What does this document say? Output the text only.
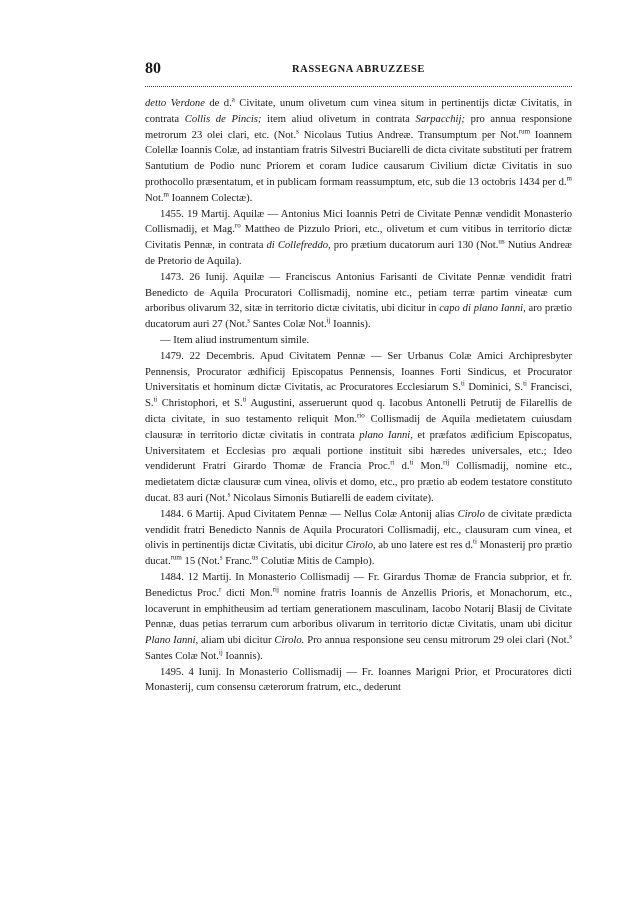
80	RASSEGNA ABRUZZESE

detto Verdone de d.$^a$ Civitate, unum olivetum cum vinea situm in pertinentijs dictæ Civitatis, in contrata Collis de Pincis; item aliud olivetum in contrata Sarpacchij; pro annua responsione metrorum 23 olei clari, etc. (Not.$^s$ Nicolaus Tutius Andreæ. Transumptum per Not.$^{rum}$ Ioannem Colellæ Ioannis Colæ, ad instantiam fratris Silvestri Buciarelli de dicta civitate substituti per fratrem Santutium de Podio nunc Priorem et coram Iudice causarum Civilium dictæ Civitatis in suo prothocollo præsentatum, et in publicam formam reassumptum, etc, sub die 13 octobris 1434 per d.$^m$ Not.$^m$ Ioannem Colectæ).

1455. 19 Martij. Aquilæ — Antonius Mici Ioannis Petri de Civitate Pennæ vendidit Monasterio Collismadij, et Mag.$^{ro}$ Mattheo de Pizzulo Priori, etc., olivetum et cum vitibus in territorio dictæ Civitatis Pennæ, in contrata di Collefreddo, pro prætium ducatorum auri 130 (Not.$^{us}$ Nutius Andreæ de Pretorio de Aquila).

1473. 26 Iunij. Aquilæ — Franciscus Antonius Farisanti de Civitate Pennæ vendidit fratri Benedicto de Aquila Procuratori Collismadij, nomine etc., petiam terræ partim vineatæ cum arboribus olivarum 32, sitæ in territorio dictæ civitatis, ubi dicitur in capo di plano Ianni, aro prætio ducatorum auri 27 (Not.$^s$ Santes Colæ Not.$^{ij}$ Ioannis).

— Item aliud instrumentum simile.

1479. 22 Decembris. Apud Civitatem Pennæ — Ser Urbanus Colæ Amici Archipresbyter Pennensis, Procurator ædhificij Episcopatus Pennensis, Ioannes Forti Sindicus, et Procurator Universitatis et hominum dictæ Civitatis, ac Procuratores Ecclesiarum S.$^{ti}$ Dominici, S.$^{ti}$ Francisci, S.$^{ti}$ Christophori, et S.$^{ti}$ Augustini, asseruerunt quod q. Iacobus Antonelli Petrutij de Filarellis de dicta civitate, in suo testamento reliquit Mon.$^{rio}$ Collismadij de Aquila medietatem cuiusdam clausuræ in territorio dictæ civitatis in contrata plano Ianni, et præfatos ædificium Episcopatus, Universitatem et Ecclesias pro æquali portione instituit sibi hæredes universales, etc.; Ideo vendiderunt Fratri Girardo Thomæ de Francia Proc.$^{ri}$ d.$^{ti}$ Mon.$^{rij}$ Collismadij, nomine etc., medietatem dictæ clausuræ cum vinea, olivis et domo, etc., pro prætio ab eodem testatore constituto ducat. 83 auri (Not.$^s$ Nicolaus Simonis Butiarelli de eadem civitate).

1484. 6 Martij. Apud Civitatem Pennæ — Nellus Colæ Antonij alias Cirolo de civitate prædicta vendidit fratri Benedicto Nannis de Aquila Procuratori Collismadij, etc., clausuram cum vinea, et olivis in pertinentijs dictæ Civitatis, ubi dicitur Cirolo, ab uno latere est res d.$^{ti}$ Monasterij pro prætio ducat.$^{rum}$ 15 (Not.$^s$ Franc.$^{us}$ Colutiæ Mitis de Campło).

1484. 12 Martij. In Monasterio Collismadij — Fr. Girardus Thomæ de Francia subprior, et fr. Benedictus Proc.$^r$ dicti Mon.$^{rij}$ nomine fratris Ioannis de Anzellis Prioris, et Monachorum, etc., locaverunt in emphitheusim ad tertiam generationem masculinam, Iacobo Notarij Blasij de Civitate Pennæ, duas petias terrarum cum arboribus olivarum in territorio dictæ Civitatis, unam ubi dicitur Plano Ianni, aliam ubi dicitur Cirolo. Pro annua responsione seu censu mitrorum 29 olei clari (Not.$^s$ Santes Colæ Not.$^{ij}$ Ioannis).

1495. 4 Iunij. In Monasterio Collismadij — Fr. Ioannes Marigni Prior, et Procuratores dicti Monasterij, cum consensu cæterorum fratrum, etc., dederunt
